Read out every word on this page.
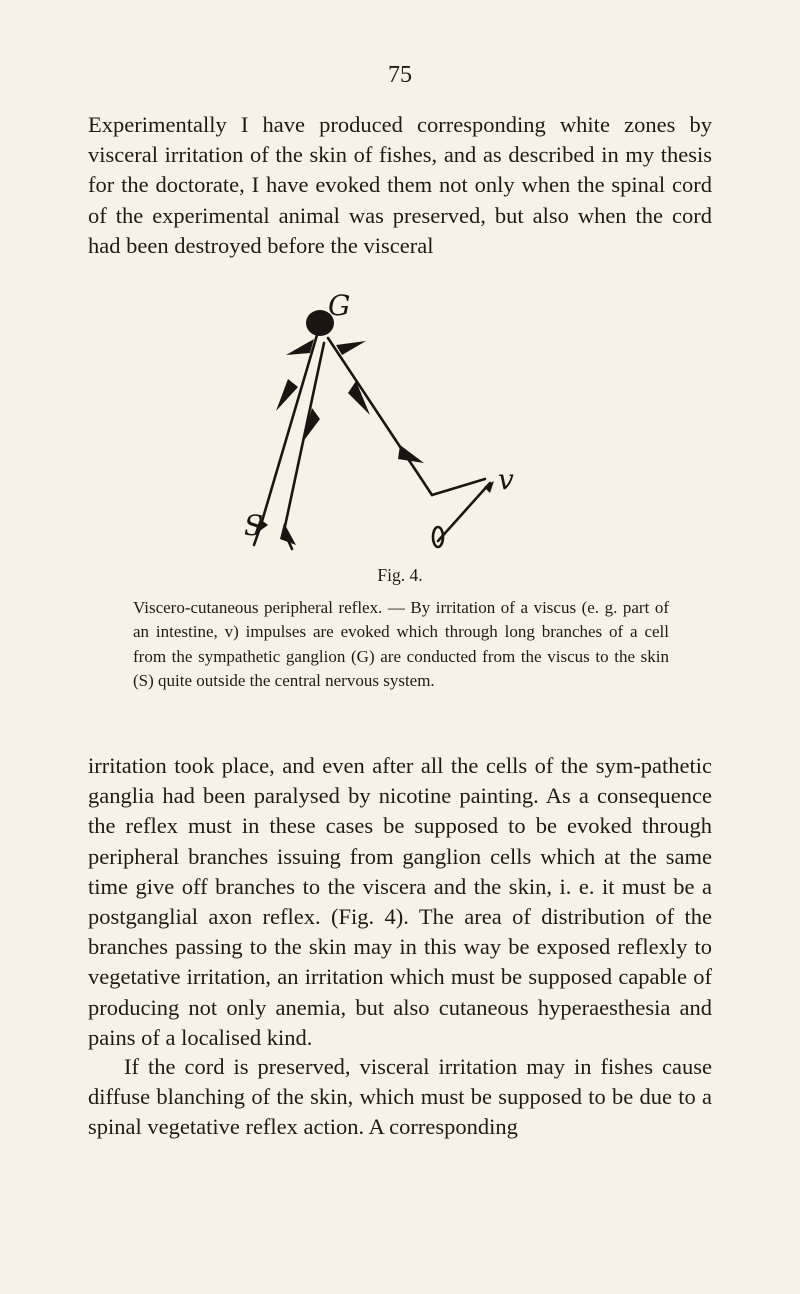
75

Experimentally I have produced corresponding white zones by visceral irritation of the skin of fishes, and as described in my thesis for the doctorate, I have evoked them not only when the spinal cord of the experimental animal was preserved, but also when the cord had been destroyed before the visceral

G
S
v
Fig. 4.

Viscero-cutaneous peripheral reflex. — By irritation of a viscus (e. g. part of an intestine, v) impulses are evoked which through long branches of a cell from the sympathetic ganglion (G) are conducted from the viscus to the skin (S) quite outside the central nervous system.

irritation took place, and even after all the cells of the sym-pathetic ganglia had been paralysed by nicotine painting. As a consequence the reflex must in these cases be supposed to be evoked through peripheral branches issuing from ganglion cells which at the same time give off branches to the viscera and the skin, i. e. it must be a postganglial axon reflex. (Fig. 4). The area of distribution of the branches passing to the skin may in this way be exposed reflexly to vegetative irritation, an irritation which must be supposed capable of producing not only anemia, but also cutaneous hyperaesthesia and pains of a localised kind.

If the cord is preserved, visceral irritation may in fishes cause diffuse blanching of the skin, which must be supposed to be due to a spinal vegetative reflex action. A corresponding
